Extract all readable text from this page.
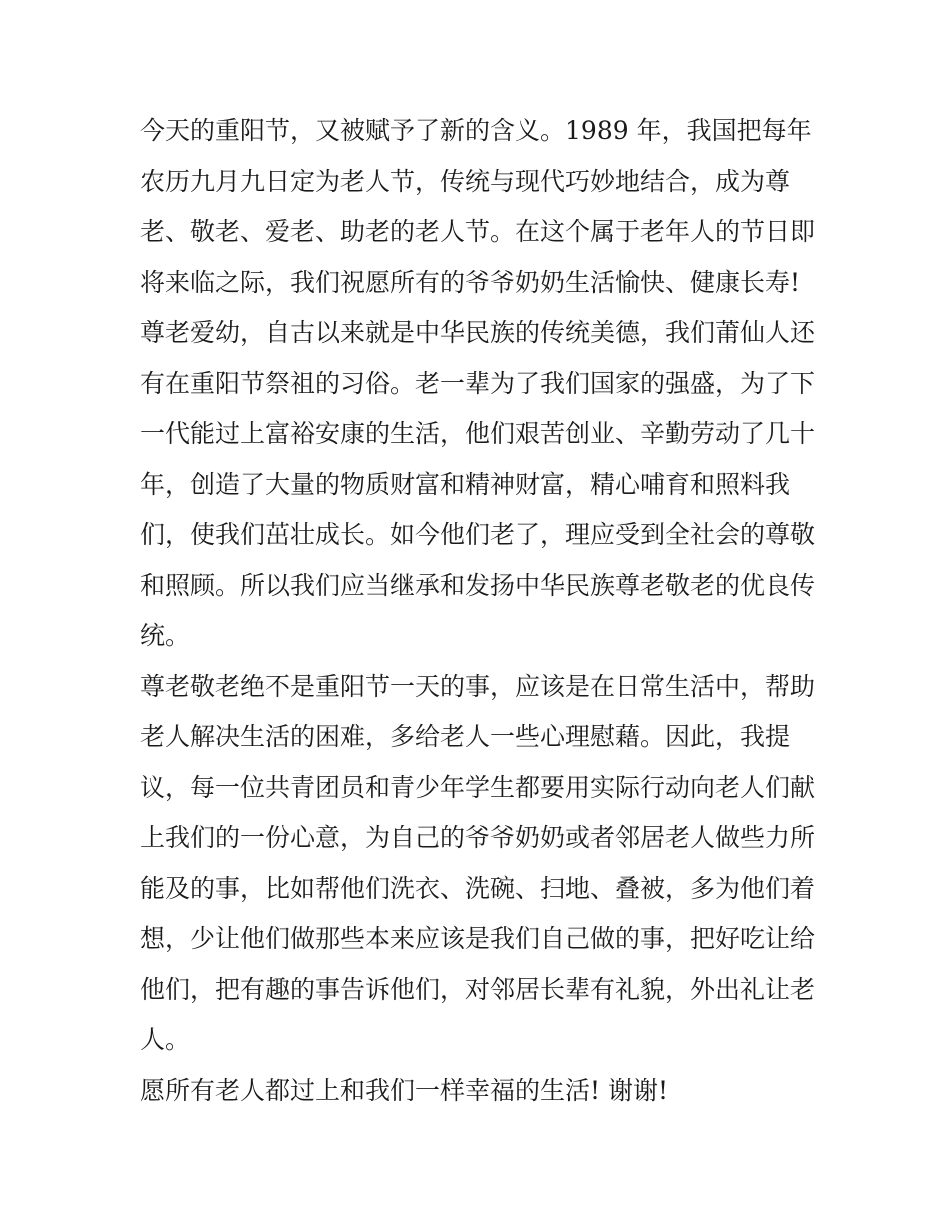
今天的重阳节，又被赋予了新的含义。1989 年，我国把每年
农历九月九日定为老人节，传统与现代巧妙地结合，成为尊
老、敬老、爱老、助老的老人节。在这个属于老年人的节日即
将来临之际，我们祝愿所有的爷爷奶奶生活愉快、健康长寿!
尊老爱幼，自古以来就是中华民族的传统美德，我们莆仙人还
有在重阳节祭祖的习俗。老一辈为了我们国家的强盛，为了下
一代能过上富裕安康的生活，他们艰苦创业、辛勤劳动了几十
年，创造了大量的物质财富和精神财富，精心哺育和照料我
们，使我们茁壮成长。如今他们老了，理应受到全社会的尊敬
和照顾。所以我们应当继承和发扬中华民族尊老敬老的优良传
统。
尊老敬老绝不是重阳节一天的事，应该是在日常生活中，帮助
老人解决生活的困难，多给老人一些心理慰藉。因此，我提
议，每一位共青团员和青少年学生都要用实际行动向老人们献
上我们的一份心意，为自己的爷爷奶奶或者邻居老人做些力所
能及的事，比如帮他们洗衣、洗碗、扫地、叠被，多为他们着
想，少让他们做那些本来应该是我们自己做的事，把好吃让给
他们，把有趣的事告诉他们，对邻居长辈有礼貌，外出礼让老
人。
愿所有老人都过上和我们一样幸福的生活! 谢谢!
